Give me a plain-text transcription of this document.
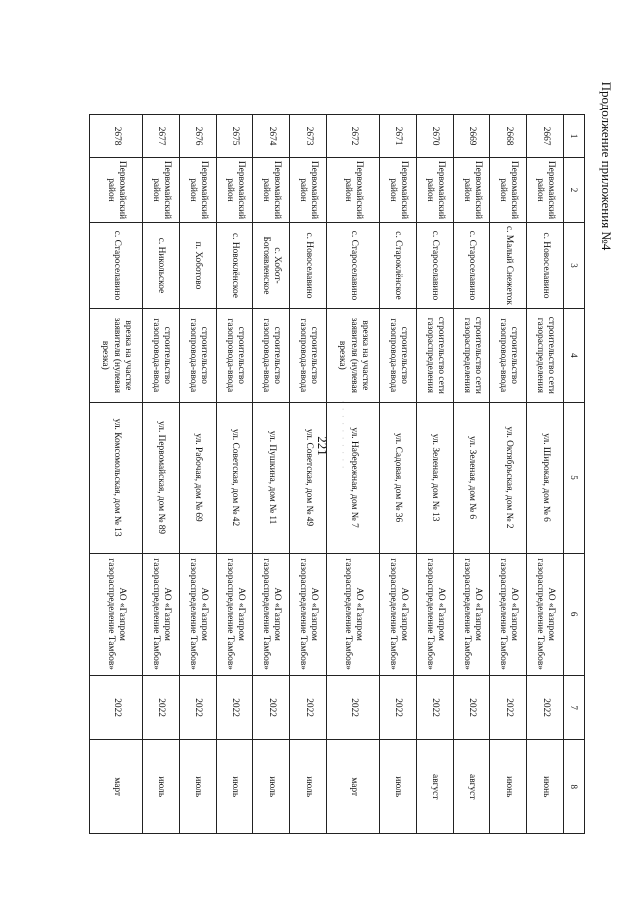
· · · · · · · · · ·
221
Продолжение приложения №4
1	2	3	4	5	6	7	8
2667	Первомайский район	с. Новоселавино	строительство сети газораспределения	ул. Широкая, дом № 6	АО «Газпром газораспределение Тамбов»	2022	июнь
2668	Первомайский район	с. Малый Снежеток	строительство газопровода-ввода	ул. Октябрьская, дом № 2	АО «Газпром газораспределение Тамбов»	2022	июнь
2669	Первомайский район	с. Староселавино	строительство сети газораспределения	ул. Зеленая, дом № 6	АО «Газпром газораспределение Тамбов»	2022	август
2670	Первомайский район	с. Староселавино	строительство сети газораспределения	ул. Зеленая, дом № 13	АО «Газпром газораспределение Тамбов»	2022	август
2671	Первомайский район	с. Староклёнское	строительство газопровода-ввода	ул. Садовая, дом № 36	АО «Газпром газораспределение Тамбов»	2022	июль
2672	Первомайский район	с. Староселавино	врезка на участке заявителя (нулевая врезка)	ул. Набережная, дом № 7	АО «Газпром газораспределение Тамбов»	2022	март
2673	Первомайский район	с. Новоселавино	строительство газопровода-ввода	ул. Советская, дом № 49	АО «Газпром газораспределение Тамбов»	2022	июль
2674	Первомайский район	с. Хобот-Богоявленское	строительство газопровода-ввода	ул. Пушкина, дом № 11	АО «Газпром газораспределение Тамбов»	2022	июль
2675	Первомайский район	с. Новоклёнское	строительство газопровода-ввода	ул. Советская, дом № 42	АО «Газпром газораспределение Тамбов»	2022	июль
2676	Первомайский район	п. Хоботово	строительство газопровода-ввода	ул. Рабочая, дом № 69	АО «Газпром газораспределение Тамбов»	2022	июль
2677	Первомайский район	с. Никольское	строительство газопровода-ввода	ул. Первомайская, дом № 89	АО «Газпром газораспределение Тамбов»	2022	июль
2678	Первомайский район	с. Староселавино	врезка на участке заявителя (нулевая врезка)	ул. Комсомольская, дом № 13	АО «Газпром газораспределение Тамбов»	2022	март
